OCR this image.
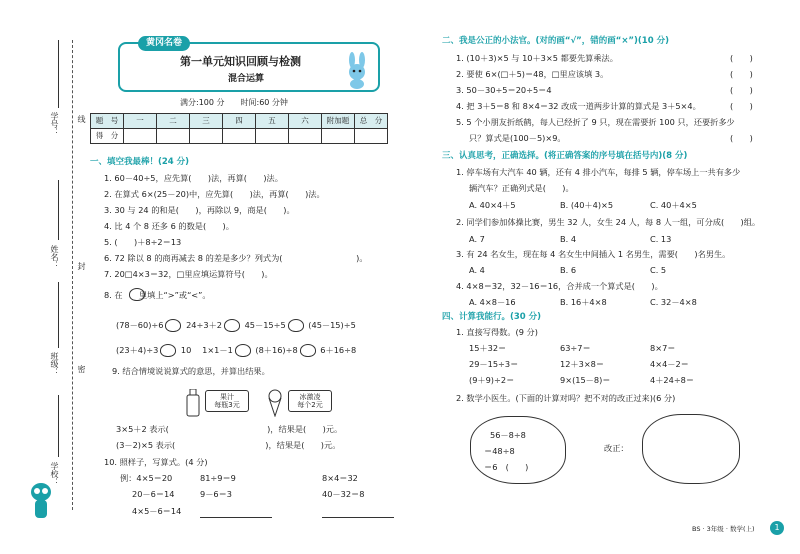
学号：
姓名：
班级：
学校：
线
封
密
黄冈名卷
第一单元知识回顾与检测
混合运算
满分:100 分　　时间:60 分钟
题　号	一	二	三	四	五	六	附加题	总　分
得　分								
一、填空我最棒！(24 分)
1. 60－40÷5，应先算(　　)法，再算(　　)法。
2. 在算式 6×(25－20)中，应先算(　　)法，再算(　　)法。
3. 30 与 24 的和是(　　)，再除以 9，商是(　　)。
4. 比 4 个 8 还多 6 的数是(　　)。
5. (　　)＋8÷2＝13
6. 72 除以 8 的商再减去 8 的差是多少？列式为(　　　　　　　　　)。
7. 20□4×3＝32，□里应填运算符号(　　)。
8. 在　　里填上“>”或“<”。
(78－60)÷6	24÷3＋2	45－15÷5	(45－15)÷5
(23＋4)÷3	10　 1×1－1	(8＋16)÷8	6＋16÷8
9. 结合情境说说算式的意思，并算出结果。
果汁
每瓶3元
冰激凌
每个2元
3×5＋2 表示(　　　　　　　　　　　　)，结果是(　　)元。
(3－2)×5 表示(　　　　　　　　　　　)，结果是(　　)元。
10. 照样子，写算式。(4 分)
例：4×5＝20	81÷9＝9	8×4＝32
20－6＝14	9－6＝3	40－32＝8
4×5－6＝14
二、我是公正的小法官。(对的画“√”，错的画“×”)(10 分)
1. (10＋3)×5 与 10＋3×5 都要先算乘法。
2. 要使 6×(□＋5)＝48，□里应该填 3。
3. 50－30÷5＝20÷5＝4
4. 把 3＋5＝8 和 8×4＝32 改成一道两步计算的算式是 3＋5×4。
5. 5 个小朋友折纸鹤，每人已经折了 9 只，现在需要折 100 只，还要折多少
只？算式是(100－5)×9。
(　　)
(　　)
(　　)
(　　)
(　　)
三、认真思考，正确选择。(将正确答案的序号填在括号内)(8 分)
1. 停车场有大汽车 40 辆，还有 4 排小汽车，每排 5 辆，停车场上一共有多少
辆汽车？正确列式是(　　)。
A. 40×4＋5	B. (40＋4)×5	C. 40＋4×5
2. 同学们参加体操比赛，男生 32 人，女生 24 人，每 8 人一组，可分成(　　)组。
A. 7	B. 4	C. 13
3. 有 24 名女生，现在每 4 名女生中间插入 1 名男生，需要(　　)名男生。
A. 4	B. 6	C. 5
4. 4×8＝32，32－16＝16，合并成一个算式是(　　)。
A. 4×8－16	B. 16＋4×8	C. 32－4×8
四、计算我能行。(30 分)
1. 直接写得数。(9 分)
15＋32＝	63÷7＝	8×7＝
29－15÷3＝	12＋3×8＝	4×4－2＝
(9＋9)÷2＝	9×(15－8)＝	4＋24÷8＝
2. 数学小医生。(下面的计算对吗？把不对的改正过来)(6 分)
56－8÷8
＝48÷8
＝6　(　　)
改正：
BS · 3年级 · 数学(上)	1
